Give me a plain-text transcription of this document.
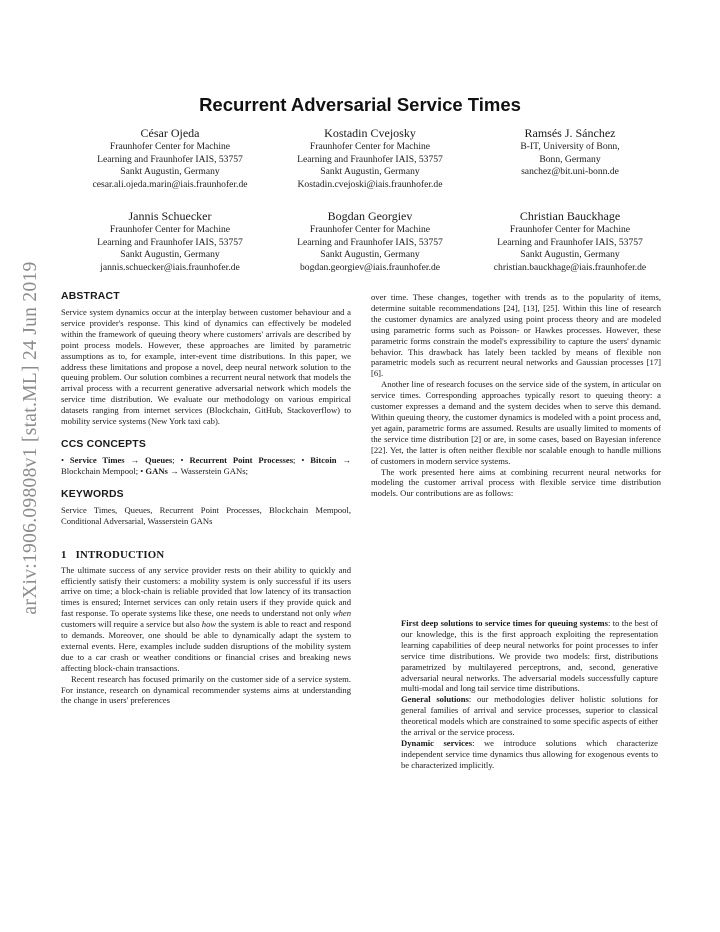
arXiv:1906.09808v1 [stat.ML] 24 Jun 2019
Recurrent Adversarial Service Times
César Ojeda
Fraunhofer Center for Machine
Learning and Fraunhofer IAIS, 53757
Sankt Augustin, Germany
cesar.ali.ojeda.marin@iais.fraunhofer.de
Kostadin Cvejosky
Fraunhofer Center for Machine
Learning and Fraunhofer IAIS, 53757
Sankt Augustin, Germany
Kostadin.cvejoski@iais.fraunhofer.de
Ramsés J. Sánchez
B-IT, University of Bonn,
Bonn, Germany
sanchez@bit.uni-bonn.de
Jannis Schuecker
Fraunhofer Center for Machine
Learning and Fraunhofer IAIS, 53757
Sankt Augustin, Germany
jannis.schuecker@iais.fraunhofer.de
Bogdan Georgiev
Fraunhofer Center for Machine
Learning and Fraunhofer IAIS, 53757
Sankt Augustin, Germany
bogdan.georgiev@iais.fraunhofer.de
Christian Bauckhage
Fraunhofer Center for Machine
Learning and Fraunhofer IAIS, 53757
Sankt Augustin, Germany
christian.bauckhage@iais.fraunhofer.de
ABSTRACT

Service system dynamics occur at the interplay between customer behaviour and a service provider's response. This kind of dynamics can effectively be modeled within the framework of queuing theory where customers' arrivals are described by point process models. However, these approaches are limited by parametric assumptions as to, for example, inter-event time distributions. In this paper, we address these limitations and propose a novel, deep neural network solution to the queuing problem. Our solution combines a recurrent neural network that models the arrival process with a recurrent generative adversarial network which models the service time distribution. We evaluate our methodology on various empirical datasets ranging from internet services (Blockchain, GitHub, Stackoverflow) to mobility service systems (New York taxi cab).

CCS CONCEPTS

• Service Times → Queues; • Recurrent Point Processes; • Bitcoin → Blockchain Mempool; • GANs → Wasserstein GANs;

KEYWORDS

Service Times, Queues, Recurrent Point Processes, Blockchain Mempool, Conditional Adversarial, Wasserstein GANs

1 INTRODUCTION

The ultimate success of any service provider rests on their ability to quickly and efficiently satisfy their customers: a mobility system is only successful if its users arrive on time; a block-chain is reliable provided that low latency of its transaction times is ensured; Internet services can only retain users if they provide quick and fast response. To operate systems like these, one needs to understand not only when customers will require a service but also how the system is able to react and respond to demands. Moreover, one should be able to dynamically adapt the system to external events. Here, examples include sudden disruptions of the mobility system due to a car crash or weather conditions or financial crises and breaking news affecting block-chain transactions.

Recent research has focused primarily on the customer side of a service system. For instance, research on dynamical recommender systems aims at understanding the change in users' preferences

over time. These changes, together with trends as to the popularity of items, determine suitable recommendations [24], [13], [25]. Within this line of research the customer dynamics are analyzed using point process theory and are modeled using parametric forms such as Poisson- or Hawkes processes. However, these parametric forms constrain the model's expressibility to capture the users' dynamic behavior. This drawback has lately been tackled by means of flexible non parametric models such as recurrent neural networks and Gaussian processes [17][6].

Another line of research focuses on the service side of the system, in articular on service times. Corresponding approaches typically resort to queuing theory: a customer expresses a demand and the system decides when to serve this demand. Within queuing theory, the customer dynamics is modeled with a point process and, yet again, parametric forms are assumed. Results are usually limited to moments of the service time distribution [2] or are, in some cases, based on Bayesian inference [22]. Yet, the latter is often neither flexible nor scalable enough to handle millions of customers in modern service systems.

The work presented here aims at combining recurrent neural networks for modeling the customer arrival process with flexible service time distribution models. Our contributions are as follows:

First deep solutions to service times for queuing systems: to the best of our knowledge, this is the first approach exploiting the representation learning capabilities of deep neural networks for point processes to infer service time distributions. We provide two models: first, distributions parametrized by multilayered perceptrons, and, second, generative adversarial neural networks. The adversarial models successfully capture multi-modal and long tail service time distributions.

General solutions: our methodologies deliver holistic solutions for general families of arrival and service processes, superior to classical theoretical models which are constrained to some specific aspects of either the arrival or the service process.

Dynamic services: we introduce solutions which characterize independent service time dynamics thus allowing for exogenous events to be characterized implicitly.
